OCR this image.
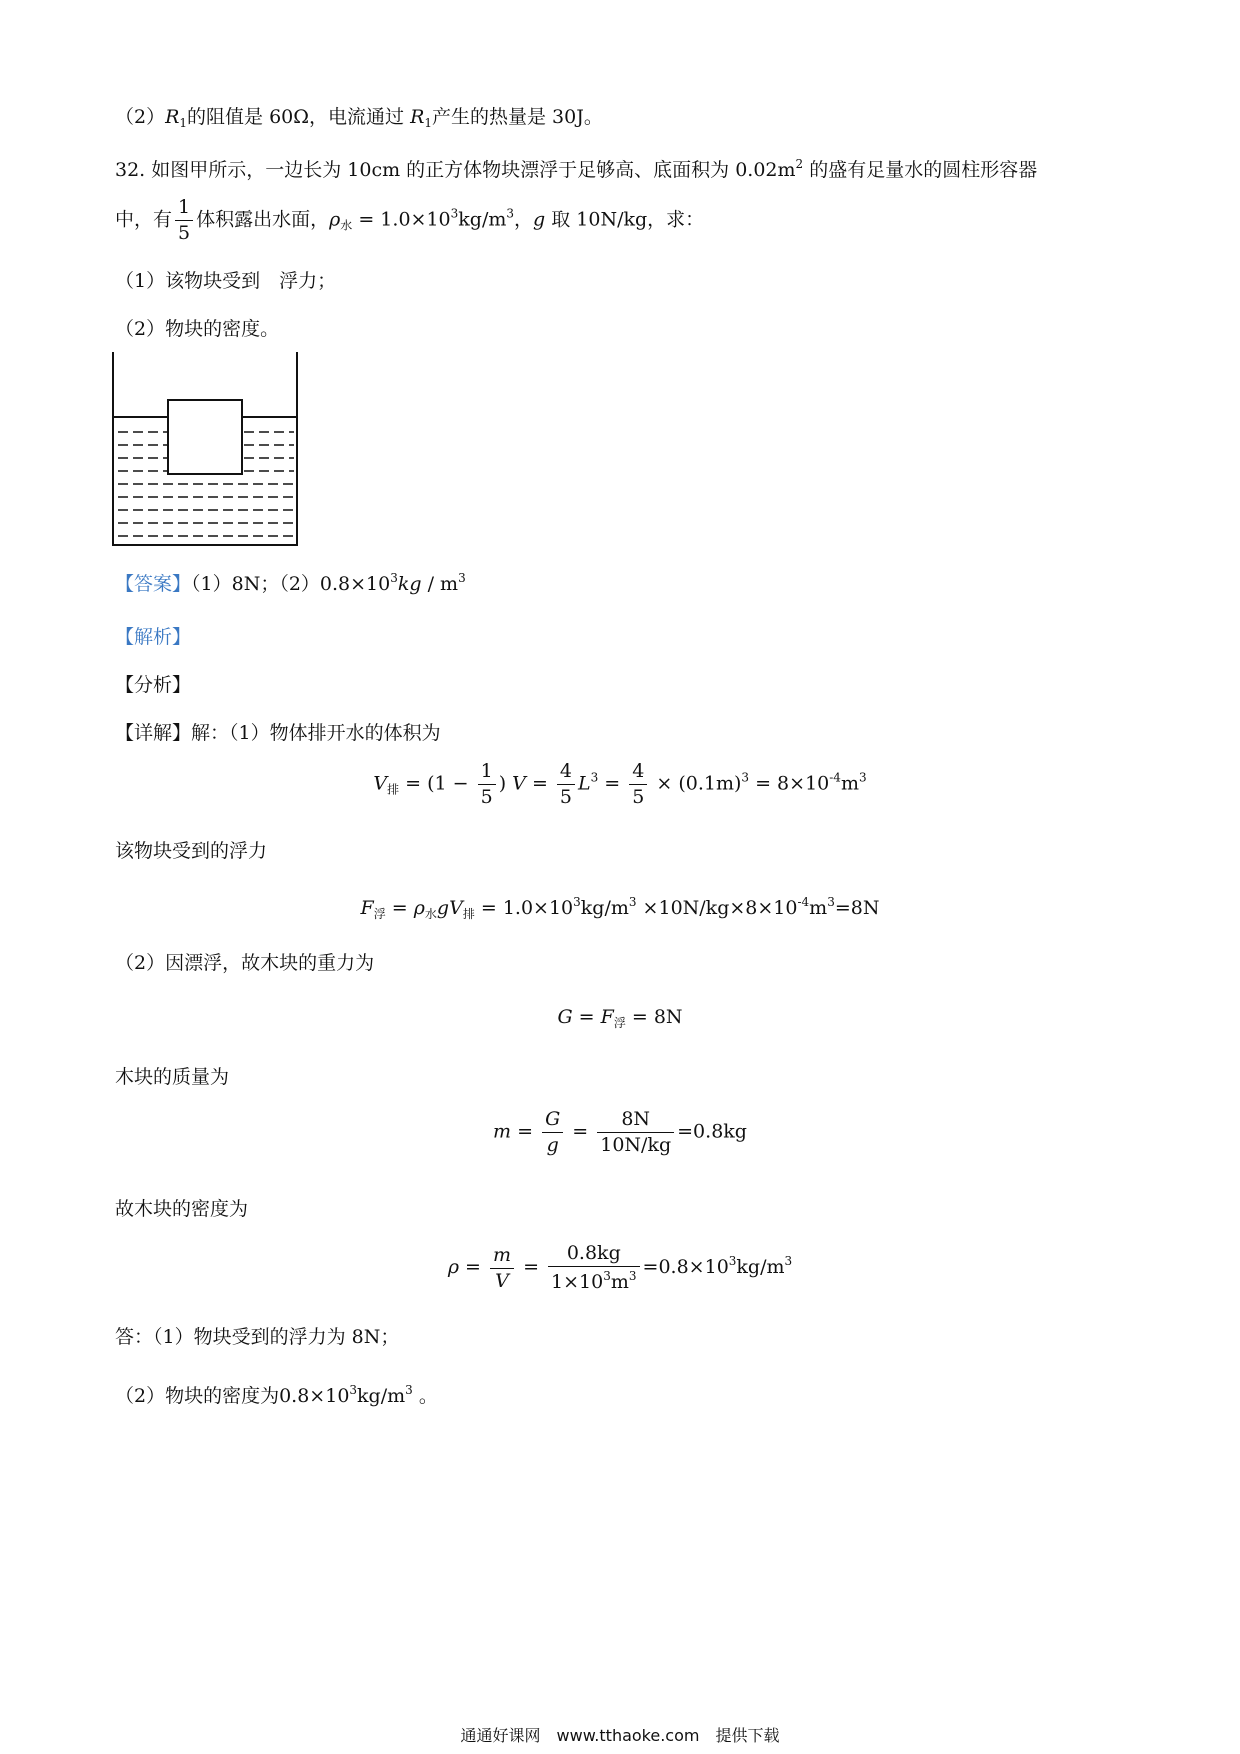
$(2)R_1$的阻值是 60Ω，电流通过 $R_1$产生的热量是 30J。
32. 如图甲所示，一边长为 10cm 的正方体物块漂浮于足够高、底面积为 $0.02m^2$ 的盛有足量水的圆柱形容器
中，有 $\frac{1}{5}$ 体积露出水面，$\rho_水 = 1.0\times 10^3kg/m^3$，g 取 10N/kg，求：
（1）该物块受到　浮力；
（2）物块的密度。
【答案】（1）8N；$(2)0.8\times 10^3kg / m^3$
【解析】
【分析】
【详解】解：（1）物体排开水的体积为
$V_排 = (1 - \frac{1}{5}$ ) $V = \frac{4}{5} L^3 = \frac{4}{5} \times (0.1m)^3 = 8\times 10^{-4}m^3$
该物块受到的浮力
$F_浮 = \rho_水gV_排 = 1.0\times 10^3kg/m^3 \times 10N/kg\times 8\times 10^{-4}m^3=8N$
（2）因漂浮，故木块的重力为
$G = F_浮 = 8N$
木块的质量为
$m = \frac{G}{g} = \frac{8N}{10N/kg} =0.8kg$
故木块的密度为
$\rho = \frac{m}{V} = \frac{0.8kg}{1\times 10^3m^3} =0.8\times 10^3kg/m^3$
答：（1）物块受到的浮力为 8N；
（2）物块的密度为$0.8\times 10^3kg/m^3$ 。
通通好课网　www.tthaoke.com　提供下载
